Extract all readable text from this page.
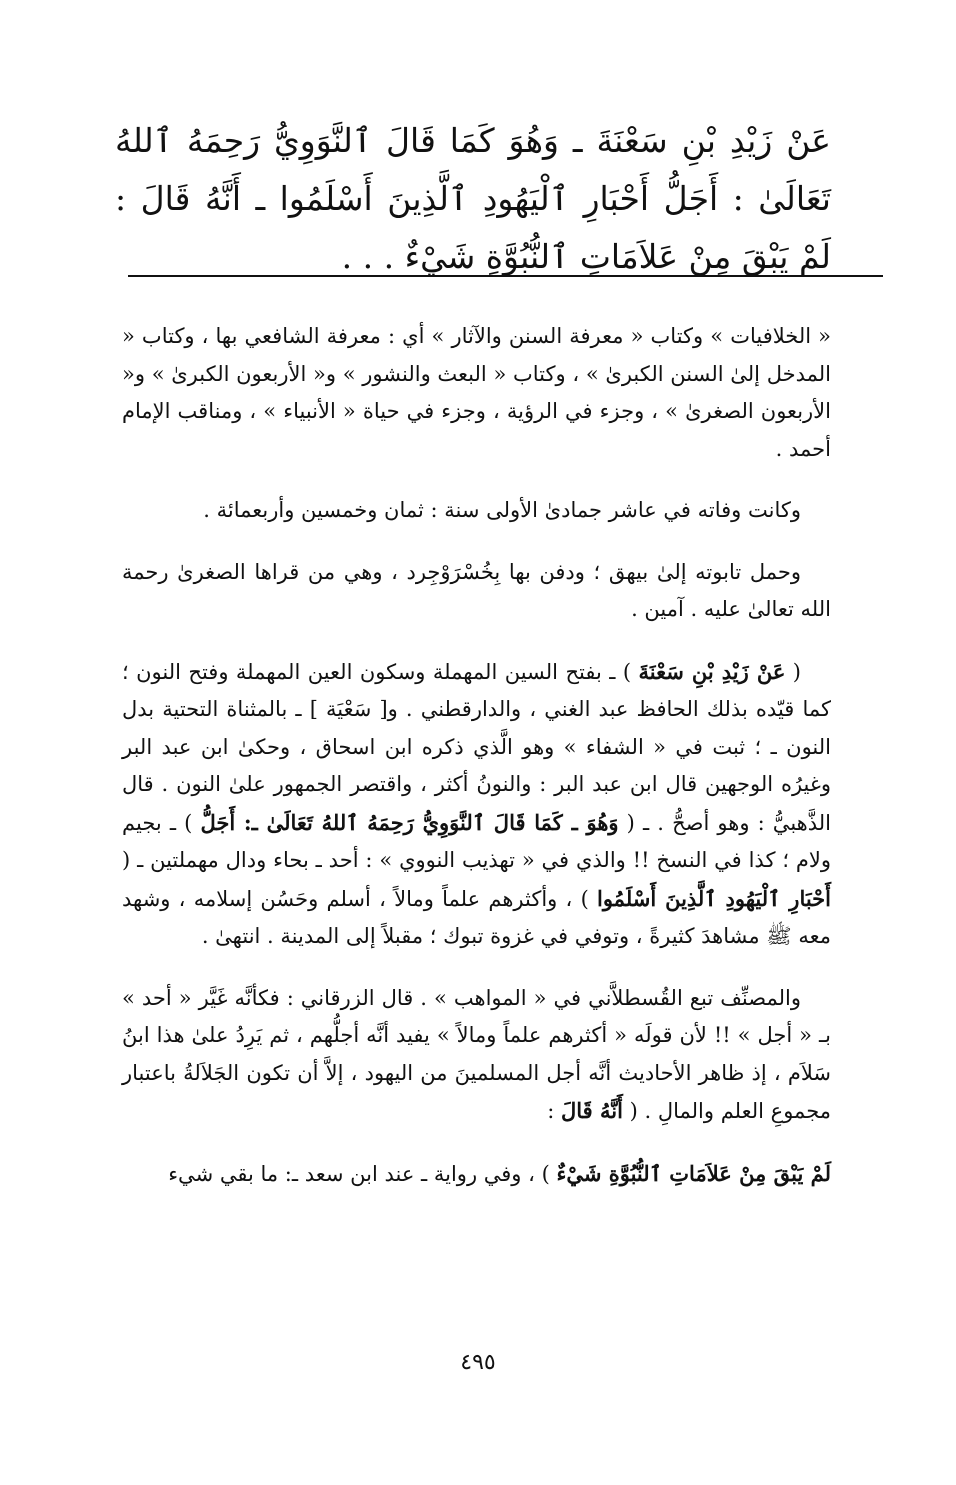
عَنْ زَيْدِ بْنِ سَعْنَةَ ـ وَهُوَ كَمَا قَالَ ٱلنَّوَوِيُّ رَحِمَهُ ٱللهُ تَعَالَىٰ : أَجَلُّ أَحْبَارِ ٱلْيَهُودِ ٱلَّذِينَ أَسْلَمُوا ـ أَنَّهُ قَالَ : لَمْ يَبْقَ مِنْ عَلاَمَاتِ ٱلنُّبُوَّةِ شَيْءٌ . . .

« الخلافيات » وكتاب « معرفة السنن والآثار » أي : معرفة الشافعي بها ، وكتاب « المدخل إلىٰ السنن الكبرىٰ » ، وكتاب « البعث والنشور » و« الأربعون الكبرىٰ » و« الأربعون الصغرىٰ » ، وجزء في الرؤية ، وجزء في حياة « الأنبياء » ، ومناقب الإمام أحمد .

وكانت وفاته في عاشر جمادىٰ الأولى سنة : ثمان وخمسين وأربعمائة .

وحمل تابوته إلىٰ بيهق ؛ ودفن بها بِخُسْرَوْجِرد ، وهي من قراها الصغرىٰ رحمة الله تعالىٰ عليه . آمين .

( عَنْ زَيْدِ بْنِ سَعْنَةَ ) ـ بفتح السين المهملة وسكون العين المهملة وفتح النون ؛ كما قيّده بذلك الحافظ عبد الغني ، والدارقطني . و[ سَعْيَة ] ـ بالمثناة التحتية بدل النون ـ ؛ ثبت في « الشفاء » وهو الَّذي ذكره ابن اسحاق ، وحكىٰ ابن عبد البر وغيرُه الوجهين قال ابن عبد البر : والنونُ أكثر ، واقتصر الجمهور علىٰ النون . قال الذَّهبيُّ : وهو أصحُّ . ـ ( وَهُوَ ـ كَمَا قَالَ ٱلنَّوَوِيُّ رَحِمَهُ ٱللهُ تَعَالَىٰ ـ: أَجَلُّ ) ـ بجيم ولام ؛ كذا في النسخ !! والذي في « تهذيب النووي » : أحد ـ بحاء ودال مهملتين ـ ( أَحْبَارِ ٱلْيَهُودِ ٱلَّذِينَ أَسْلَمُوا ) ، وأكثرهم علماً ومالاً ، أسلم وحَسُن إسلامه ، وشهد معه ﷺ مشاهدَ كثيرةً ، وتوفي في غزوة تبوك ؛ مقبلاً إلى المدينة . انتهىٰ .

والمصنِّف تبع القُسطلاَّني في « المواهب » . قال الزرقاني : فكأنَّه غَيَّر « أحد » بـ « أجل » !! لأن قولَه « أكثرهم علماً ومالاً » يفيد أنَّه أجلُّهم ، ثم يَرِدُ علىٰ هذا ابنُ سَلاَم ، إذ ظاهر الأحاديث أنَّه أجل المسلمينَ من اليهود ، إلاَّ أن تكون الجَلاَلةُ باعتبار مجموعِ العلم والمالِ . ( أَنَّهُ قَالَ :

لَمْ يَبْقَ مِنْ عَلاَمَاتِ ٱلنُّبُوَّةِ شَيْءٌ ) ، وفي رواية ـ عند ابن سعد ـ: ما بقي شيء

٤٩٥
